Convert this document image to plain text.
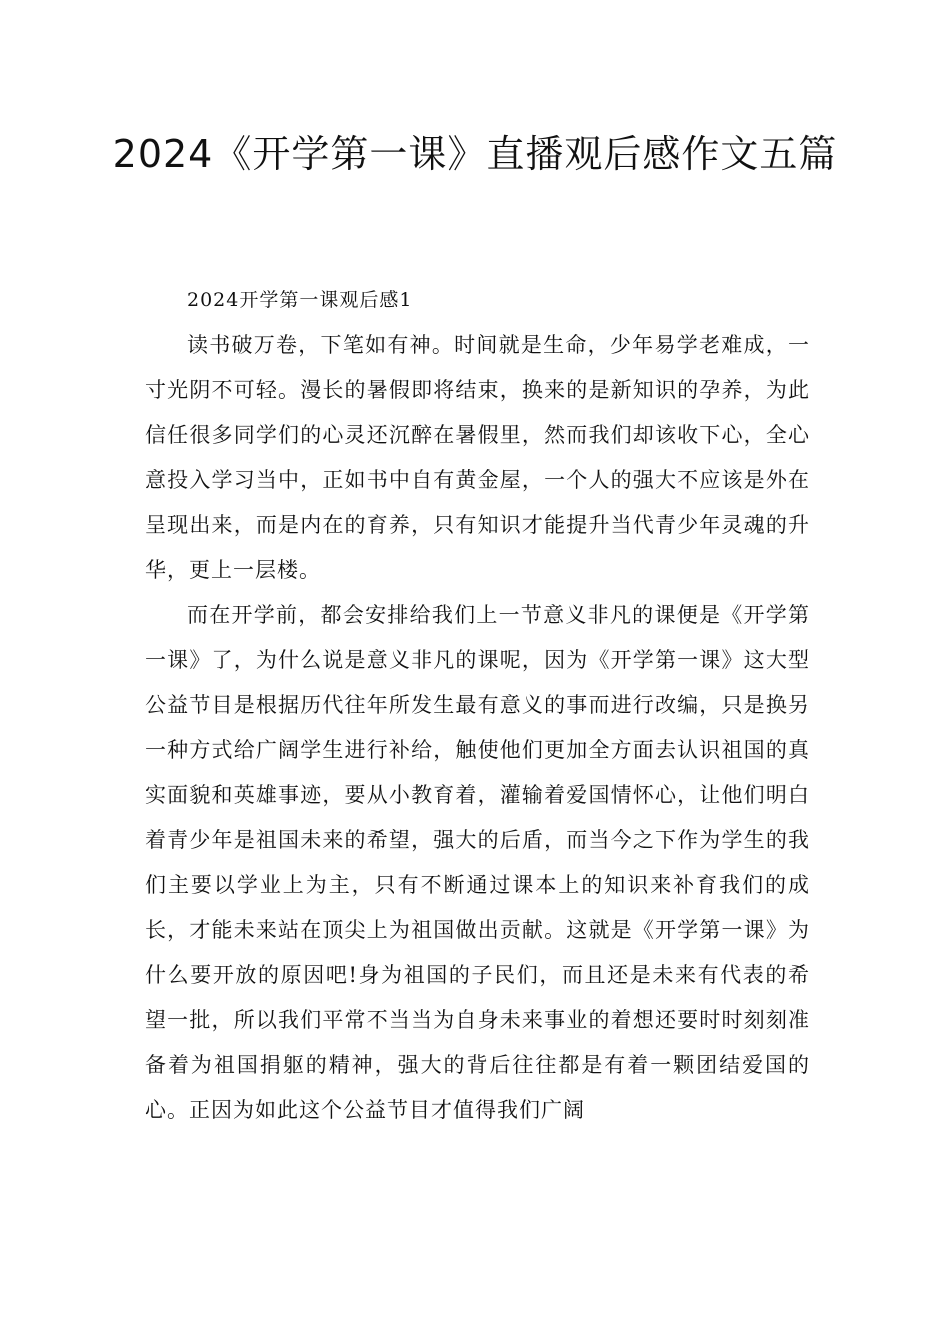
2024《开学第一课》直播观后感作文五篇

2024开学第一课观后感1

读书破万卷，下笔如有神。时间就是生命，少年易学老难成，一寸光阴不可轻。漫长的暑假即将结束，换来的是新知识的孕养，为此信任很多同学们的心灵还沉醉在暑假里，然而我们却该收下心，全心意投入学习当中，正如书中自有黄金屋，一个人的强大不应该是外在呈现出来，而是内在的育养，只有知识才能提升当代青少年灵魂的升华，更上一层楼。

而在开学前，都会安排给我们上一节意义非凡的课便是《开学第一课》了，为什么说是意义非凡的课呢，因为《开学第一课》这大型公益节目是根据历代往年所发生最有意义的事而进行改编，只是换另一种方式给广阔学生进行补给，触使他们更加全方面去认识祖国的真实面貌和英雄事迹，要从小教育着，灌输着爱国情怀心，让他们明白着青少年是祖国未来的希望，强大的后盾，而当今之下作为学生的我们主要以学业上为主，只有不断通过课本上的知识来补育我们的成长，才能未来站在顶尖上为祖国做出贡献。这就是《开学第一课》为什么要开放的原因吧!身为祖国的子民们，而且还是未来有代表的希望一批，所以我们平常不当当为自身未来事业的着想还要时时刻刻准备着为祖国捐躯的精神，强大的背后往往都是有着一颗团结爱国的心。正因为如此这个公益节目才值得我们广阔
